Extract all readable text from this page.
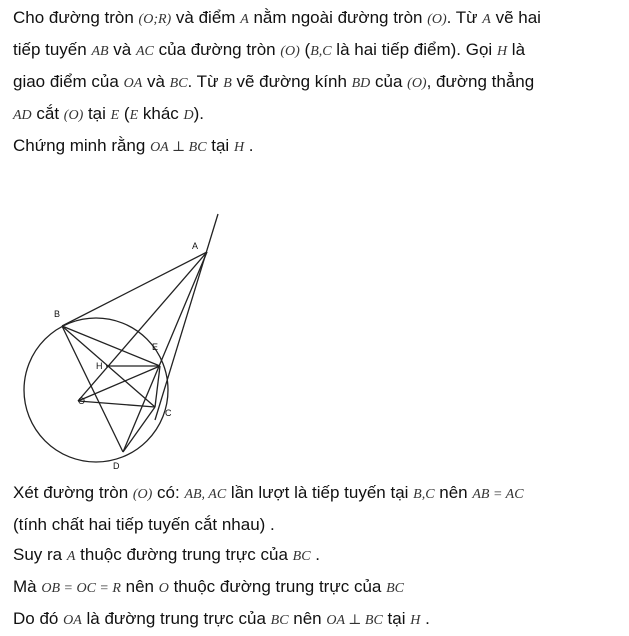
Cho đường tròn (O;R) và điểm A nằm ngoài đường tròn (O). Từ A vẽ hai
tiếp tuyến AB và AC của đường tròn (O) (B,C là hai tiếp điểm). Gọi H là
giao điểm của OA và BC. Từ B vẽ đường kính BD của (O), đường thẳng
AD cắt (O) tại E (E khác D).
Chứng minh rằng OA ⊥ BC tại H .
A
B
E
H
O
C
D
Xét đường tròn (O) có: AB, AC lần lượt là tiếp tuyến tại B,C nên AB = AC
(tính chất hai tiếp tuyến cắt nhau) .
Suy ra A thuộc đường trung trực của BC .
Mà OB = OC = R nên O thuộc đường trung trực của BC
Do đó OA là đường trung trực của BC nên OA ⊥ BC tại H .
